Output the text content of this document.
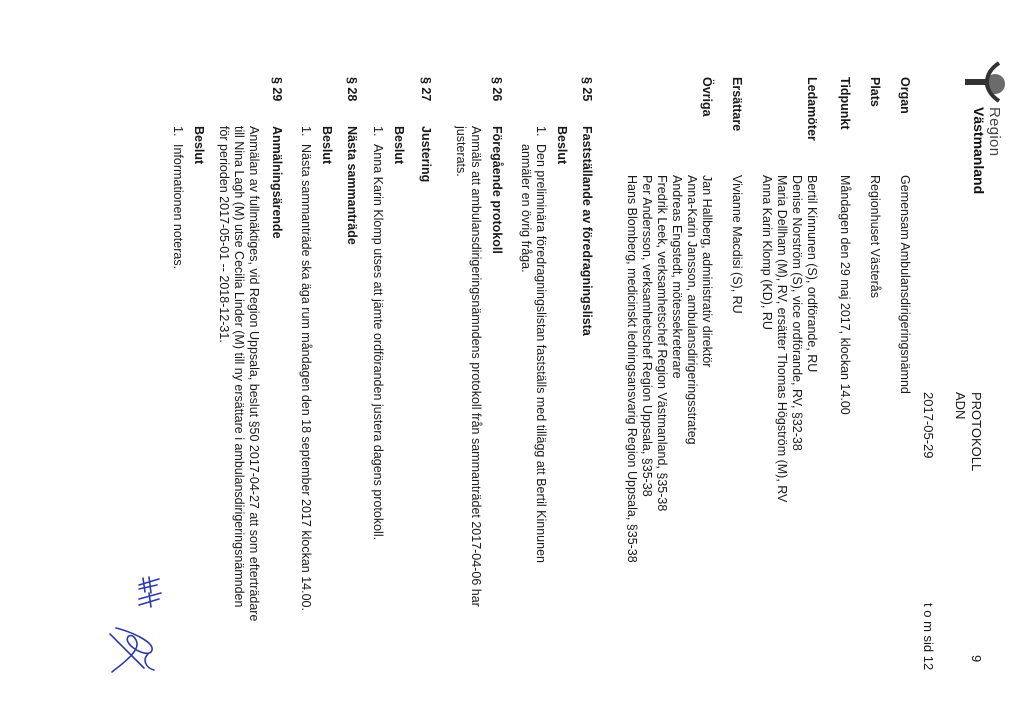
Region
Västmanland
PROTOKOLL
ADN
2017-05-29
9
t o m sid 12
Organ
Gemensam Ambulansdirigeringsnämnd
Plats
Regionhuset Västerås
Tidpunkt
Måndagen den 29 maj 2017, klockan 14.00
Ledamöter
Bertil Kinnunen (S), ordförande, RU
Denise Norström (S), vice ordförande, RV, §32-38
Maria Dellham (M), RV, ersätter Thomas Högström (M), RV
Anna Karin Klomp (KD), RU
Ersättare
Vivianne Macdisi (S), RU
Övriga
Jan Hallberg, administrativ direktör
Anna-Karin Jansson, ambulansdirigeringsstrateg
Andreas Engstedt, mötessekreterare
Fredrik Leek, verksamhetschef Region Västmanland, §35-38
Per Andersson, verksamhetschef Region Uppsala, §35-38
Hans Blomberg, medicinskt ledningsansvarig Region Uppsala, §35-38
§ 25
Fastställande av föredragningslista
Beslut
1.
Den preliminära föredragningslistan fastställs med tillägg att Bertil Kinnunen
anmäler en övrig fråga.
§ 26
Föregående protokoll
Anmäls att ambulansdirigeringsnämndens protokoll från sammanträdet 2017-04-06 har
justerats.
§ 27
Justering
Beslut
1.
Anna Karin Klomp utses att jämte ordföranden justera dagens protokoll.
§ 28
Nästa sammanträde
Beslut
1.
Nästa sammanträde ska äga rum måndagen den 18 september 2017 klockan 14.00.
§ 29
Anmälningsärende
Anmälan av fullmäktiges, vid Region Uppsala, beslut §50 2017-04-27 att som efterträdare
till Nina Lagh (M) utse Cecilia Linder (M) till ny ersättare i ambulansdirigeringsnämnden
för perioden 2017-05-01 -- 2018-12-31.
Beslut
1.
Informationen noteras.
